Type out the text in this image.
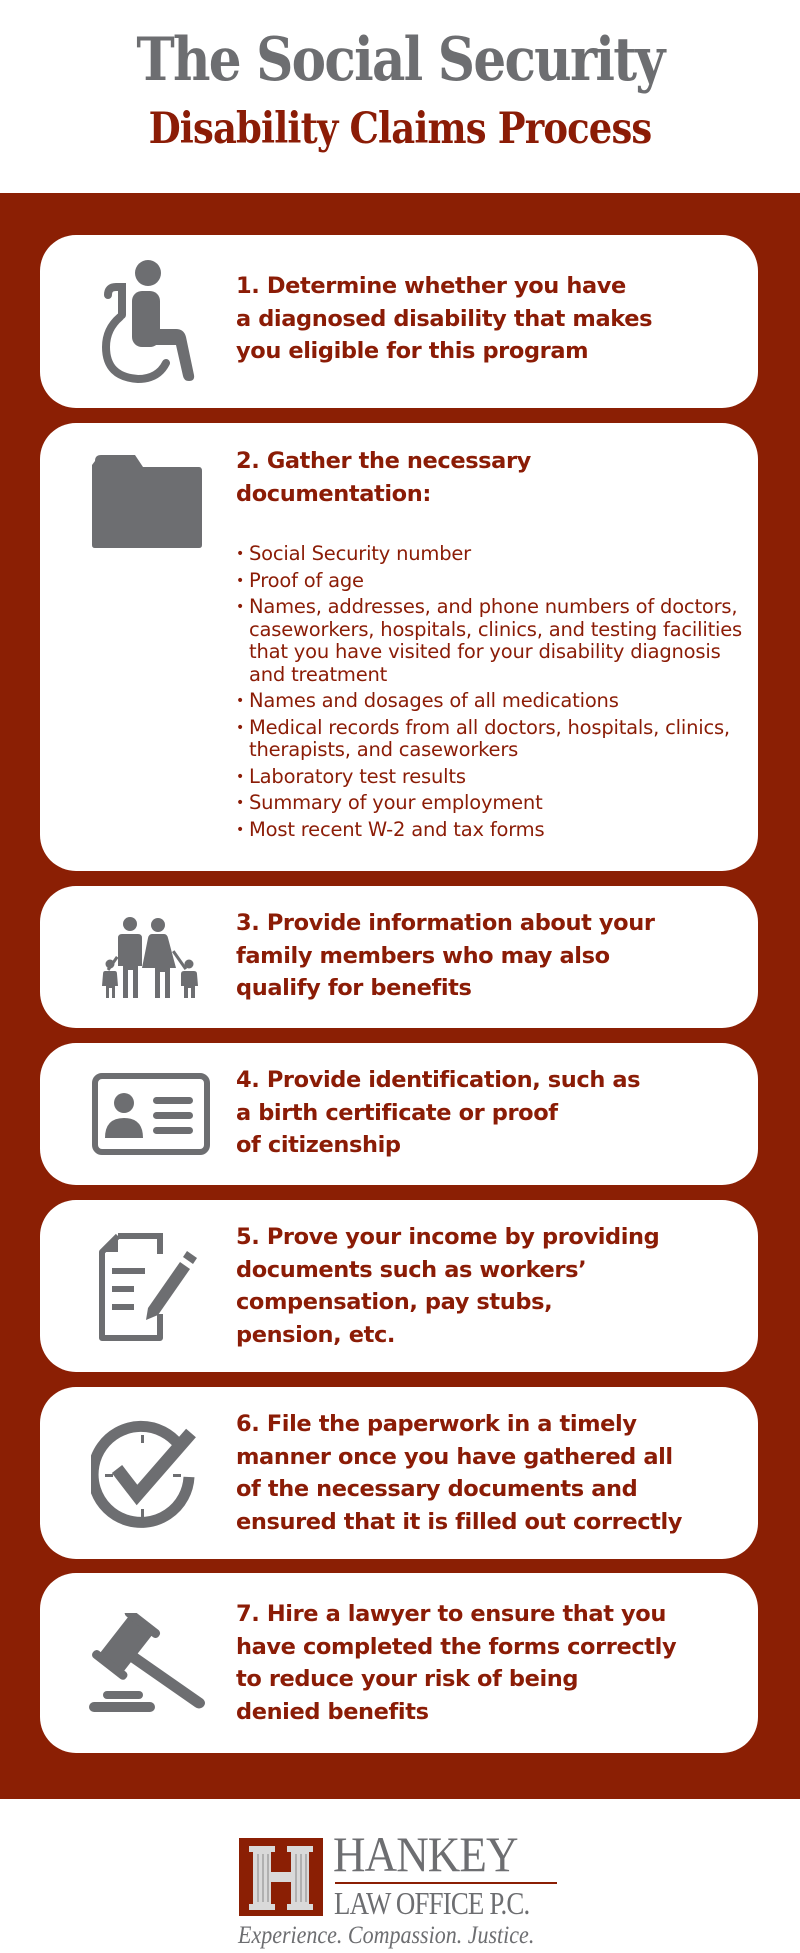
The Social Security
Disability Claims Process
1. Determine whether you have
a diagnosed disability that makes
you eligible for this program
2. Gather the necessary
documentation:
• Social Security number
• Proof of age
• Names, addresses, and phone numbers of doctors, caseworkers, hospitals, clinics, and testing facilities that you have visited for your disability diagnosis and treatment
• Names and dosages of all medications
• Medical records from all doctors, hospitals, clinics, therapists, and caseworkers
• Laboratory test results
• Summary of your employment
• Most recent W-2 and tax forms
3. Provide information about your
family members who may also
qualify for benefits
4. Provide identification, such as
a birth certificate or proof
of citizenship
5. Prove your income by providing
documents such as workers’
compensation, pay stubs,
pension, etc.
6. File the paperwork in a timely
manner once you have gathered all
of the necessary documents and
ensured that it is filled out correctly
7. Hire a lawyer to ensure that you
have completed the forms correctly
to reduce your risk of being
denied benefits
HANKEY
LAW OFFICE P.C.
Experience. Compassion. Justice.
